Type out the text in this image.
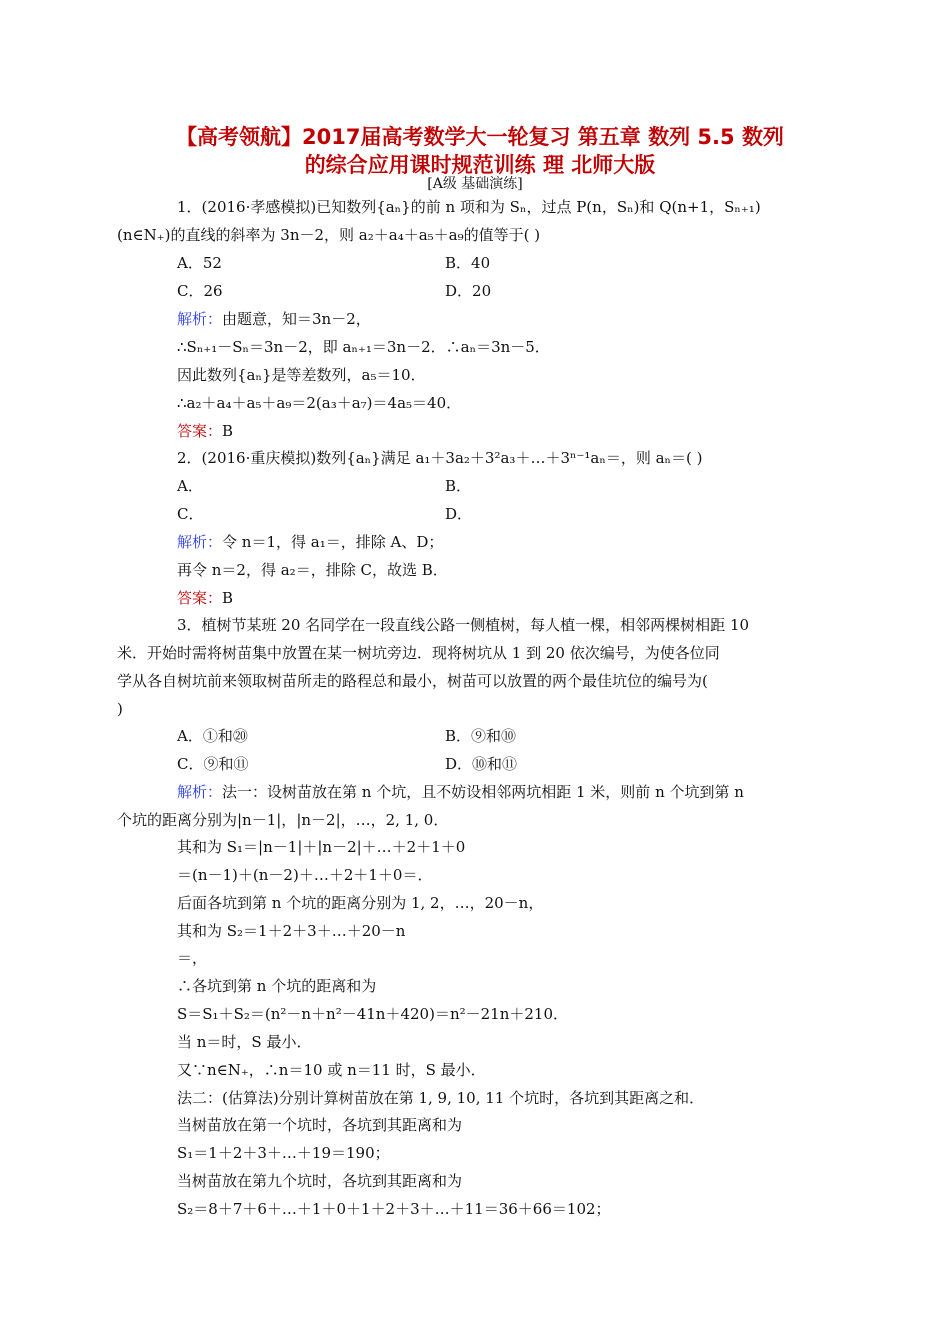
【高考领航】2017届高考数学大一轮复习 第五章 数列 5.5 数列
的综合应用课时规范训练 理 北师大版
[A级 基础演练]
1．(2016·孝感模拟)已知数列{aₙ}的前 n 项和为 Sₙ，过点 P(n，Sₙ)和 Q(n+1，Sₙ₊₁)
(n∈N₊)的直线的斜率为 3n－2，则 a₂＋a₄＋a₅＋a₉的值等于( )
A．52	B．40
C．26	D．20
解析：由题意，知＝3n－2，
∴Sₙ₊₁－Sₙ＝3n－2，即 aₙ₊₁＝3n－2．∴aₙ＝3n－5．
因此数列{aₙ}是等差数列，a₅＝10．
∴a₂＋a₄＋a₅＋a₉＝2(a₃＋a₇)＝4a₅＝40．
答案：B
2．(2016·重庆模拟)数列{aₙ}满足 a₁＋3a₂＋3²a₃＋…＋3ⁿ⁻¹aₙ＝，则 aₙ＝( )
A．	B．
C．	D．
解析：令 n＝1，得 a₁＝，排除 A、D；
再令 n＝2，得 a₂＝，排除 C，故选 B．
答案：B
3．植树节某班 20 名同学在一段直线公路一侧植树，每人植一棵，相邻两棵树相距 10
米．开始时需将树苗集中放置在某一树坑旁边．现将树坑从 1 到 20 依次编号，为使各位同
学从各自树坑前来领取树苗所走的路程总和最小，树苗可以放置的两个最佳坑位的编号为(
)
A．①和⑳	B．⑨和⑩
C．⑨和⑪	D．⑩和⑪
解析：法一：设树苗放在第 n 个坑，且不妨设相邻两坑相距 1 米，则前 n 个坑到第 n
个坑的距离分别为|n－1|，|n－2|，…，2, 1, 0．
其和为 S₁＝|n－1|＋|n－2|＋…＋2＋1＋0
＝(n－1)＋(n－2)＋…＋2＋1＋0＝．
后面各坑到第 n 个坑的距离分别为 1, 2，…，20－n，
其和为 S₂＝1＋2＋3＋…＋20－n
＝，
∴各坑到第 n 个坑的距离和为
S＝S₁＋S₂＝(n²－n＋n²－41n＋420)＝n²－21n＋210．
当 n＝时，S 最小．
又∵n∈N₊，∴n＝10 或 n＝11 时，S 最小．
法二：(估算法)分别计算树苗放在第 1, 9, 10, 11 个坑时，各坑到其距离之和．
当树苗放在第一个坑时，各坑到其距离和为
S₁＝1＋2＋3＋…＋19＝190；
当树苗放在第九个坑时，各坑到其距离和为
S₂＝8＋7＋6＋…＋1＋0＋1＋2＋3＋…＋11＝36＋66＝102；
